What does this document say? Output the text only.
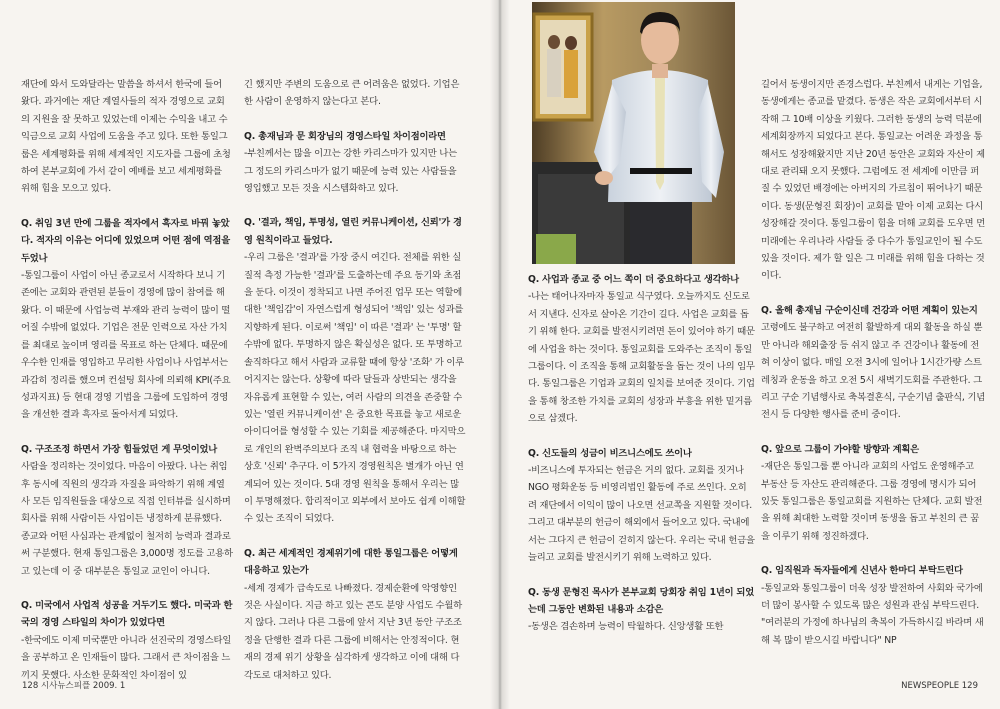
재단에 와서 도와달라는 말씀을 하셔서 한국에 들어 왔다. 과거에는 재단 계열사들의 적자 경영으로 교회의 지원을 잘 못하고 있었는데 이제는 수익을 내고 수익금으로 교회 사업에 도움을 주고 있다. 또한 통일그룹은 세계평화를 위해 세계적인 지도자를 그룹에 초청하여 본부교회에 가서 같이 예배를 보고 세계평화를 위해 힘을 모으고 있다.

Q. 취임 3년 만에 그룹을 적자에서 흑자로 바꿔 놓았다. 적자의 이유는 어디에 있었으며 어떤 점에 역점을 두었나

-통일그룹이 사업이 아닌 종교로서 시작하다 보니 기존에는 교회와 관련된 분들이 경영에 많이 참여를 해왔다. 이 때문에 사업능력 부재와 관리 능력이 많이 떨어질 수밖에 없었다. 기업은 전문 인력으로 자산 가치를 최대로 높이며 영리를 목표로 하는 단체다. 때문에 우수한 인재를 영입하고 무리한 사업이나 사업부서는 과감히 정리를 했으며 컨설팅 회사에 의뢰해 KPI(주요성과지표) 등 현대 경영 기법을 그룹에 도입하여 경영을 개선한 결과 흑자로 돌아서게 되었다.

Q. 구조조정 하면서 가장 힘들었던 게 무엇이었나

사람을 정리하는 것이었다. 마음이 아팠다. 나는 취임 후 동시에 직원의 생각과 자질을 파악하기 위해 계열사 모든 임직원들을 대상으로 직접 인터뷰를 실시하며 회사를 위해 사람이든 사업이든 냉정하게 분류했다. 종교와 어떤 사심과는 관계없이 철저히 능력과 결과로써 구분했다. 현재 통일그룹은 3,000명 정도를 고용하고 있는데 이 중 대부분은 통일교 교인이 아니다.

Q. 미국에서 사업적 성공을 거두기도 했다. 미국과 한국의 경영 스타일의 차이가 있었다면

-한국에도 이제 미국뿐만 아니라 선진국의 경영스타일을 공부하고 온 인재들이 많다. 그래서 큰 차이점을 느끼지 못했다. 사소한 문화적인 차이점이 있

긴 했지만 주변의 도움으로 큰 어려움은 없었다. 기업은 한 사람이 운영하지 않는다고 본다.

Q. 총재님과 문 회장님의 경영스타일 차이점이라면

-부친께서는 많을 이끄는 강한 카리스마가 있지만 나는 그 정도의 카리스마가 없기 때문에 능력 있는 사람들을 영입했고 모든 것을 시스템화하고 있다.

Q. '결과, 책임, 투명성, 열린 커뮤니케이션, 신뢰'가 경영 원칙이라고 들었다.

-우리 그룹은 '결과'를 가장 중시 여긴다. 전체를 위한 실질적 측정 가능한 '결과'를 도출하는데 주요 동기와 초점을 둔다. 이것이 정착되고 나면 주어진 업무 또는 역할에 대한 '책임감'이 자연스럽게 형성되어 '책임' 있는 성과를 지향하게 된다. 이로써 '책임' 이 따른 '결과' 는 '투명' 할 수밖에 없다. 투명하지 않은 확실성은 없다. 또 투명하고 솔직하다고 해서 사람과 교류할 때에 항상 '조화' 가 이루어지지는 않는다. 상황에 따라 달들과 상반되는 생각을 자유롭게 표현할 수 있는, 여러 사람의 의견을 존중할 수 있는 '열린 커뮤니케이션' 은 중요한 목표를 놓고 새로운 아이디어를 형성할 수 있는 기회를 제공해준다. 마지막으로 개인의 완벽주의보다 조직 내 협력을 바탕으로 하는 상호 '신뢰' 추구다. 이 5가지 경영원칙은 별개가 아닌 연계되어 있는 것이다. 5대 경영 원칙을 통해서 우리는 많이 투명해졌다. 합리적이고 외부에서 보아도 쉽게 이해할 수 있는 조직이 되었다.

Q. 최근 세계적인 경제위기에 대한 통일그룹은 어떻게 대응하고 있는가

-세계 경제가 급속도로 나빠졌다. 경제순환에 악영향인 것은 사실이다. 지금 하고 있는 콘도 분양 사업도 수월하지 않다. 그러나 다른 그룹에 앞서 지난 3년 동안 구조조정을 단행한 결과 다른 그룹에 비해서는 안정적이다. 현재의 경제 위기 상황을 심각하게 생각하고 이에 대해 다각도로 대처하고 있다.

128 시사뉴스피플 2009. 1

Q. 사업과 종교 중 어느 쪽이 더 중요하다고 생각하나

-나는 태어나자마자 통일교 식구였다. 오늘까지도 신도로서 지낸다. 신자로 살아온 기간이 길다. 사업은 교회를 돕기 위해 한다. 교회를 발전시키려면 돈이 있어야 하기 때문에 사업을 하는 것이다. 통일교회를 도와주는 조직이 통일그룹이다. 이 조직을 통해 교회활동을 돕는 것이 나의 임무다. 통일그룹은 기업과 교회의 일치를 보여준 것이다. 기업을 통해 창조한 가치를 교회의 성장과 부흥을 위한 밑거름으로 삼겠다.

Q. 신도들의 성금이 비즈니스에도 쓰이나

-비즈니스에 투자되는 헌금은 거의 없다. 교회를 짓거나 NGO 평화운동 등 비영리법인 활동에 주로 쓰인다. 오히려 재단에서 이익이 많이 나오면 선교쪽을 지원할 것이다. 그리고 대부분의 헌금이 해외에서 들어오고 있다. 국내에서는 그다지 큰 헌금이 걷히지 않는다. 우리는 국내 헌금을 늘리고 교회를 발전시키기 위해 노력하고 있다.

Q. 동생 문형진 목사가 본부교회 당회장 취임 1년이 되었는데 그동안 변화된 내용과 소감은

-동생은 겸손하며 능력이 탁월하다. 신앙생활 또한

길어서 동생이지만 존경스럽다. 부친께서 내게는 기업을, 동생에게는 종교를 맡겼다. 동생은 작은 교회에서부터 시작해 그 10배 이상을 키웠다. 그러한 동생의 능력 덕분에 세계회장까지 되었다고 본다. 통일교는 어려운 과정을 통해서도 성장해왔지만 지난 20년 동안은 교회와 자산이 제대로 관리돼 오지 못했다. 그럼에도 전 세계에 이만큼 퍼질 수 있었던 배경에는 아버지의 가르침이 뛰어나기 때문이다. 동생(문형진 회장)이 교회를 맡아 이제 교회는 다시 성장해갈 것이다. 통일그룹이 힘을 더해 교회를 도우면 먼 미래에는 우리나라 사람들 중 다수가 통일교인이 될 수도 있을 것이다. 제가 할 일은 그 미래를 위해 힘을 다하는 것이다.

Q. 올해 총재님 구순이신데 건강과 어떤 계획이 있는지

고령에도 불구하고 여전히 활발하게 대외 활동을 하실 뿐만 아니라 해외출장 등 쉬지 않고 주 건강이나 활동에 전혀 이상이 없다. 매일 오전 3시에 일어나 1시간가량 스트레칭과 운동을 하고 오전 5시 새벽기도회를 주관한다. 그리고 구순 기념행사로 축복결혼식, 구순기념 출판식, 기념전시 등 다양한 행사를 준비 중이다.

Q. 앞으로 그룹이 가야할 방향과 계획은

-재단은 통일그룹 뿐 아니라 교회의 사업도 운영해주고 부동산 등 자산도 관리해준다. 그룹 경영에 명시가 되어 있듯 통일그룹은 통일교회를 지원하는 단체다. 교회 발전을 위해 최대한 노력할 것이며 동생을 돕고 부친의 큰 꿈을 이루기 위해 정진하겠다.

Q. 임직원과 독자들에게 신년사 한마디 부탁드린다

-통일교와 통일그룹이 더욱 성장 발전하여 사회와 국가에 더 많이 봉사할 수 있도록 많은 성원과 관심 부탁드린다. "여러분의 가정에 하나님의 축복이 가득하시길 바라며 새해 복 많이 받으시길 바랍니다" NP

NEWSPEOPLE 129
